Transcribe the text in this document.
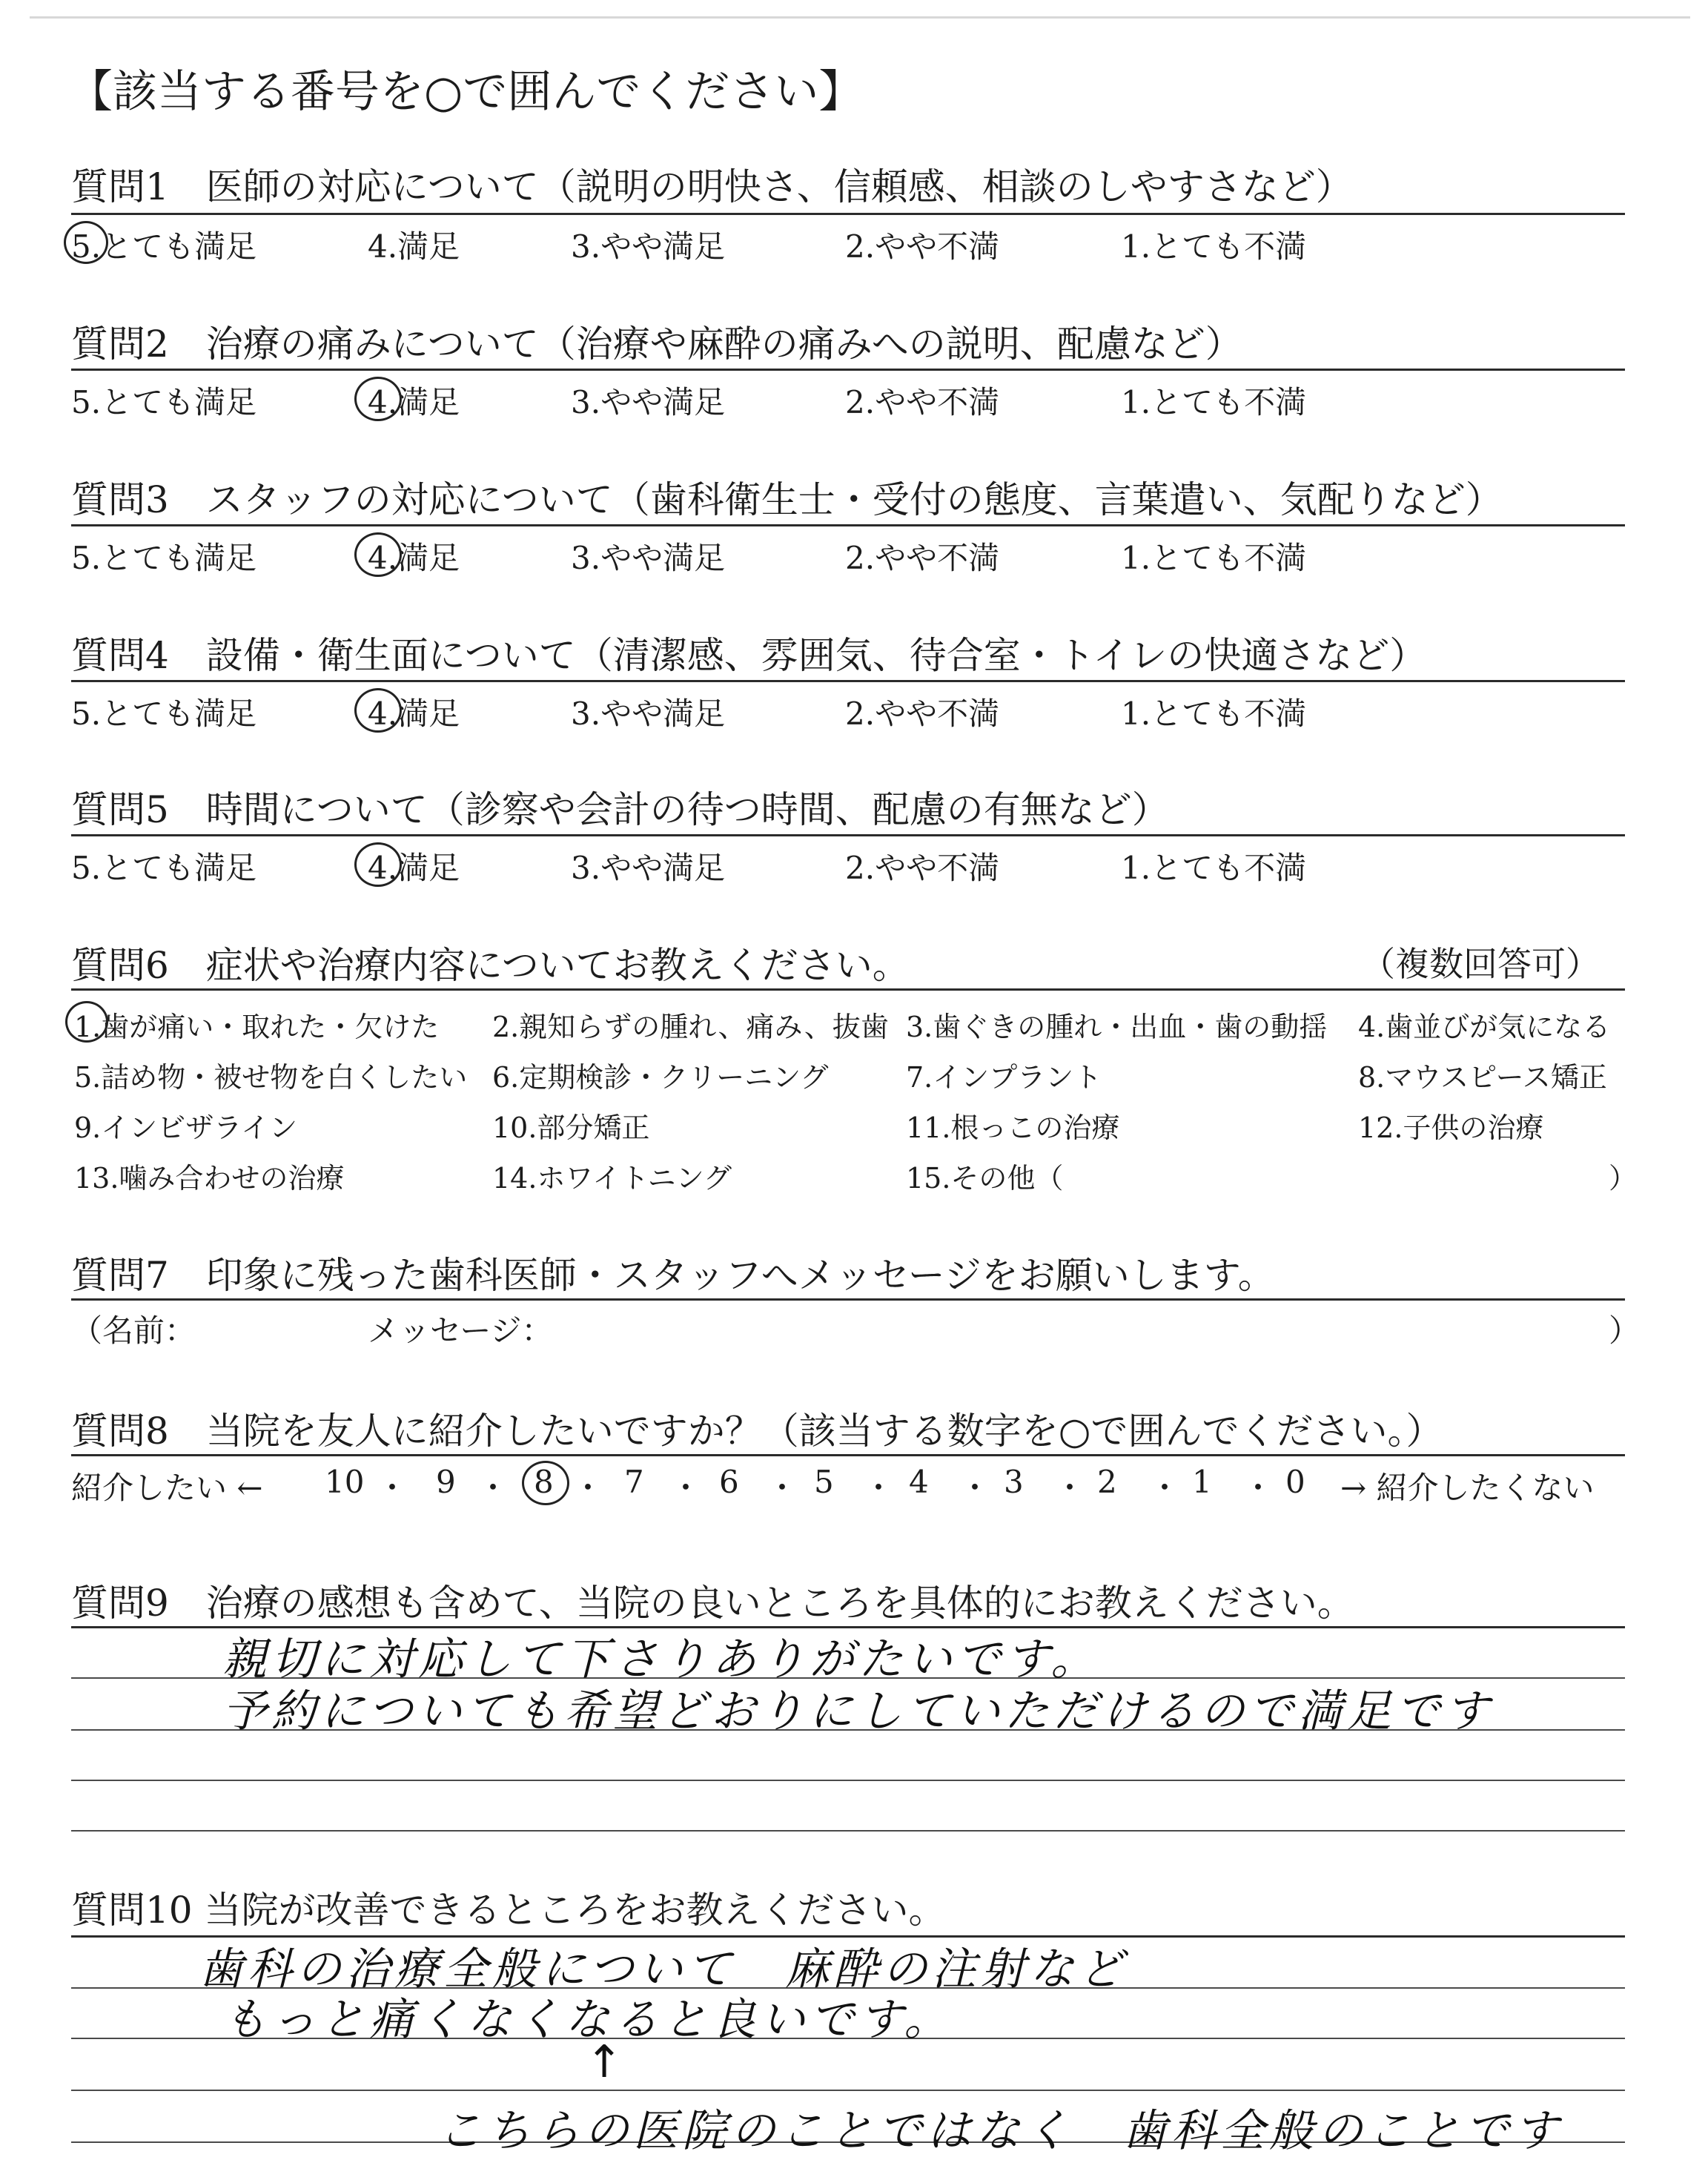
【該当する番号を○で囲んでください】
質問1　医師の対応について（説明の明快さ、信頼感、相談のしやすさなど）
5.とても満足	4.満足	3.やや満足	2.やや不満	1.とても不満
質問2　治療の痛みについて（治療や麻酔の痛みへの説明、配慮など）
5.とても満足	4.満足	3.やや満足	2.やや不満	1.とても不満
質問3　スタッフの対応について（歯科衛生士・受付の態度、言葉遣い、気配りなど）
5.とても満足	4.満足	3.やや満足	2.やや不満	1.とても不満
質問4　設備・衛生面について（清潔感、雰囲気、待合室・トイレの快適さなど）
5.とても満足	4.満足	3.やや満足	2.やや不満	1.とても不満
質問5　時間について（診察や会計の待つ時間、配慮の有無など）
5.とても満足	4.満足	3.やや満足	2.やや不満	1.とても不満
質問6　症状や治療内容についてお教えください。	（複数回答可）
1.歯が痛い・取れた・欠けた 2.親知らずの腫れ、痛み、抜歯 3.歯ぐきの腫れ・出血・歯の動揺 4.歯並びが気になる
5.詰め物・被せ物を白くしたい 6.定期検診・クリーニング	7.インプラント	8.マウスピース矯正
9.インビザライン	10.部分矯正	11.根っこの治療	12.子供の治療
13.噛み合わせの治療	14.ホワイトニング	15.その他（	）
質問7　印象に残った歯科医師・スタッフへメッセージをお願いします。
（名前：	メッセージ：	）
質問8　当院を友人に紹介したいですか？（該当する数字を○で囲んでください。）
紹介したい ← 10 ・ 9 ・ 8 ・ 7 ・ 6 ・ 5 ・ 4 ・ 3 ・ 2 ・ 1 ・ 0 → 紹介したくない
質問9　治療の感想も含めて、当院の良いところを具体的にお教えください。
親切に対応して下さりありがたいです。
予約についても希望どおりにしていただけるので満足です
質問10 当院が改善できるところをお教えください。
歯科の治療全般について　麻酔の注射など
もっと痛くなくなると良いです。
↑
こちらの医院のことではなく　歯科全般のことです
